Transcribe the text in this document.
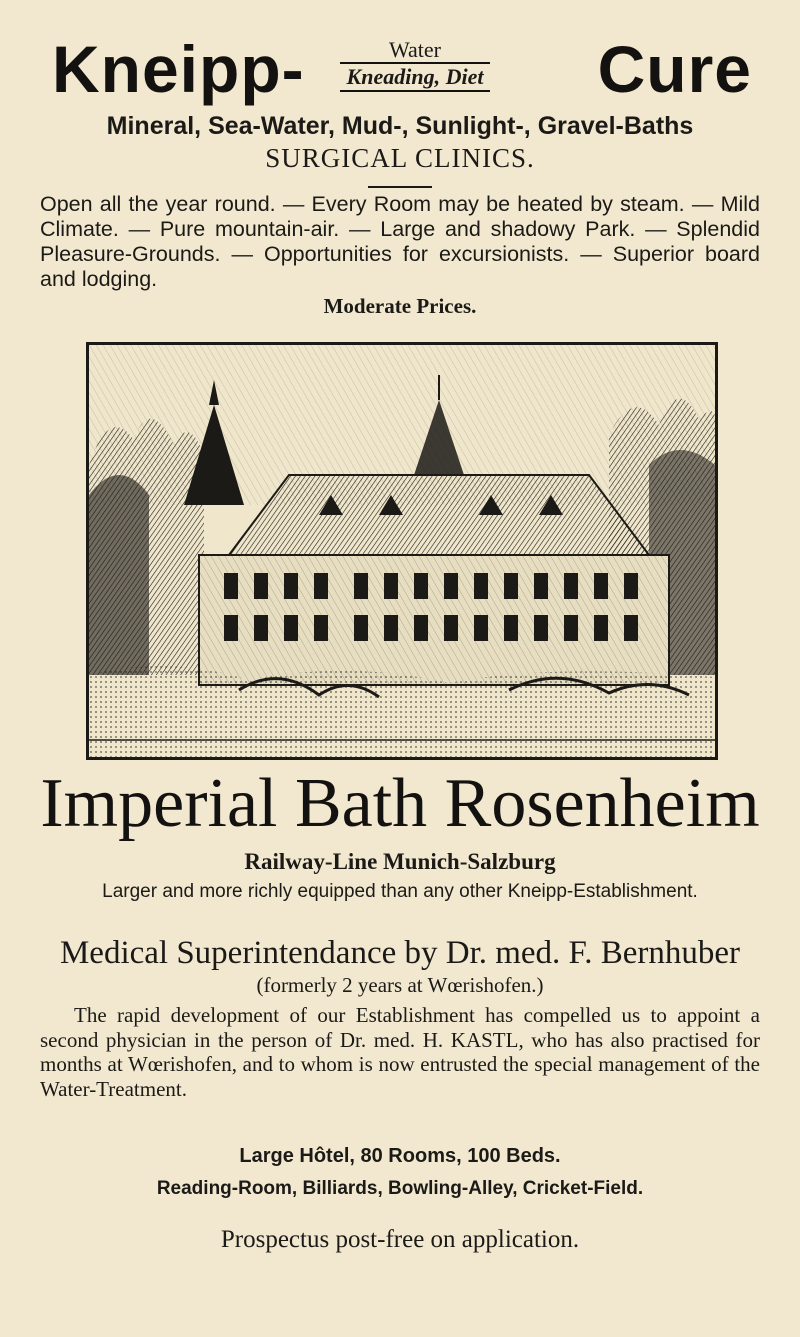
Kneipp-	Water
Kneading, Diet Cure
Mineral, Sea-Water, Mud-, Sunlight-, Gravel-Baths
SURGICAL CLINICS.

Open all the year round. — Every Room may be heated by steam. — Mild Climate. — Pure mountain-air. — Large and shadowy Park. — Splendid Pleasure-Grounds. — Opportunities for excursionists. — Superior board and lodging.

Moderate Prices.
Imperial Bath Rosenheim
Railway-Line Munich-Salzburg
Larger and more richly equipped than any other Kneipp-Establishment.
Medical Superintendance by Dr. med. F. Bernhuber
(formerly 2 years at Wœrishofen.)

The rapid development of our Establishment has compelled us to appoint a second physician in the person of Dr. med. H. KASTL, who has also practised for months at Wœrishofen, and to whom is now entrusted the special management of the Water-Treatment.

Large Hôtel, 80 Rooms, 100 Beds.
Reading-Room, Billiards, Bowling-Alley, Cricket-Field.
Prospectus post-free on application.
